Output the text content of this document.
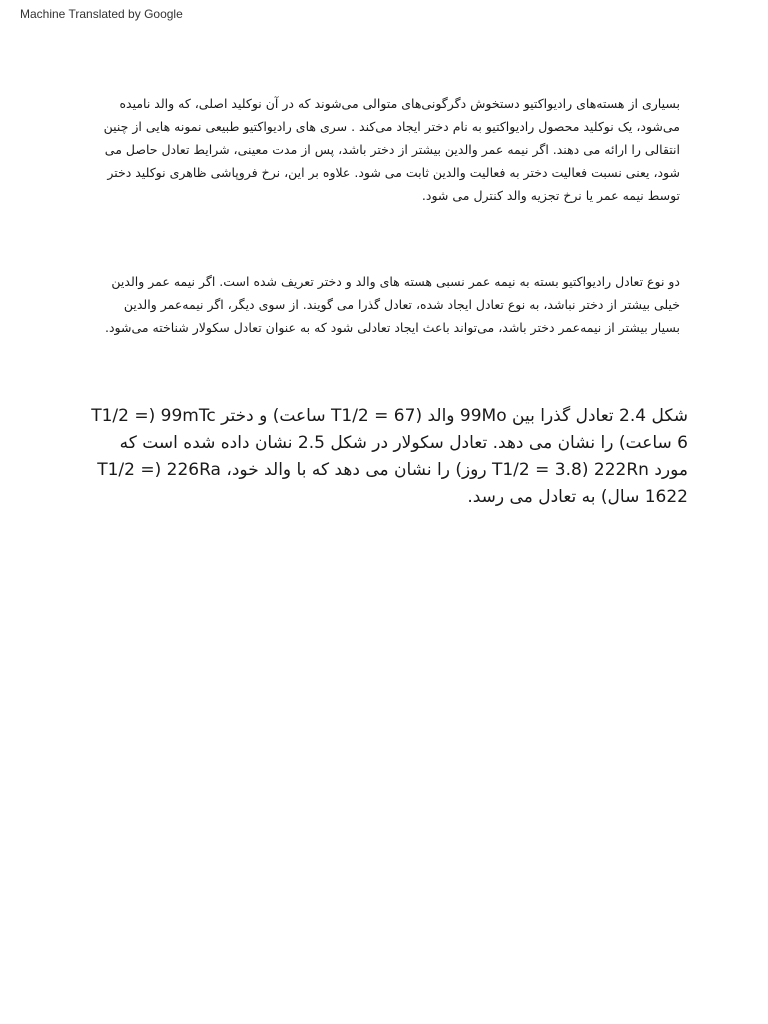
Machine Translated by Google

بسیاری از هسته‌های رادیواکتیو دستخوش دگرگونی‌های متوالی می‌شوند که در آن نوکلید اصلی، که والد نامیده می‌شود، یک نوکلید محصول رادیواکتیو به نام دختر ایجاد می‌کند . سری های رادیواکتیو طبیعی نمونه هایی از چنین انتقالی را ارائه می دهند. اگر نیمه عمر والدین بیشتر از دختر باشد، پس از مدت معینی، شرایط تعادل حاصل می شود، یعنی نسبت فعالیت دختر به فعالیت والدین ثابت می شود. علاوه بر این، نرخ فروپاشی ظاهری نوکلید دختر توسط نیمه عمر یا نرخ تجزیه والد کنترل می شود.

دو نوع تعادل رادیواکتیو بسته به نیمه عمر نسبی هسته های والد و دختر تعریف شده است. اگر نیمه عمر والدین خیلی بیشتر از دختر نباشد، به نوع تعادل ایجاد شده، تعادل گذرا می گویند. از سوی دیگر، اگر نیمه‌عمر والدین بسیار بیشتر از نیمه‌عمر دختر باشد، می‌تواند باعث ایجاد تعادلی شود که به عنوان تعادل سکولار شناخته می‌شود.

شکل 2.4 تعادل گذرا بین 99Mo والد (T1/2 = 67 ساعت) و دختر 99mTc (T1/2 = 6 ساعت) را نشان می دهد. تعادل سکولار در شکل 2.5 نشان داده شده است که مورد 222Rn (T1/2 = 3.8 روز) را نشان می دهد که با والد خود، 226Ra (T1/2 = 1622 سال) به تعادل می رسد.
